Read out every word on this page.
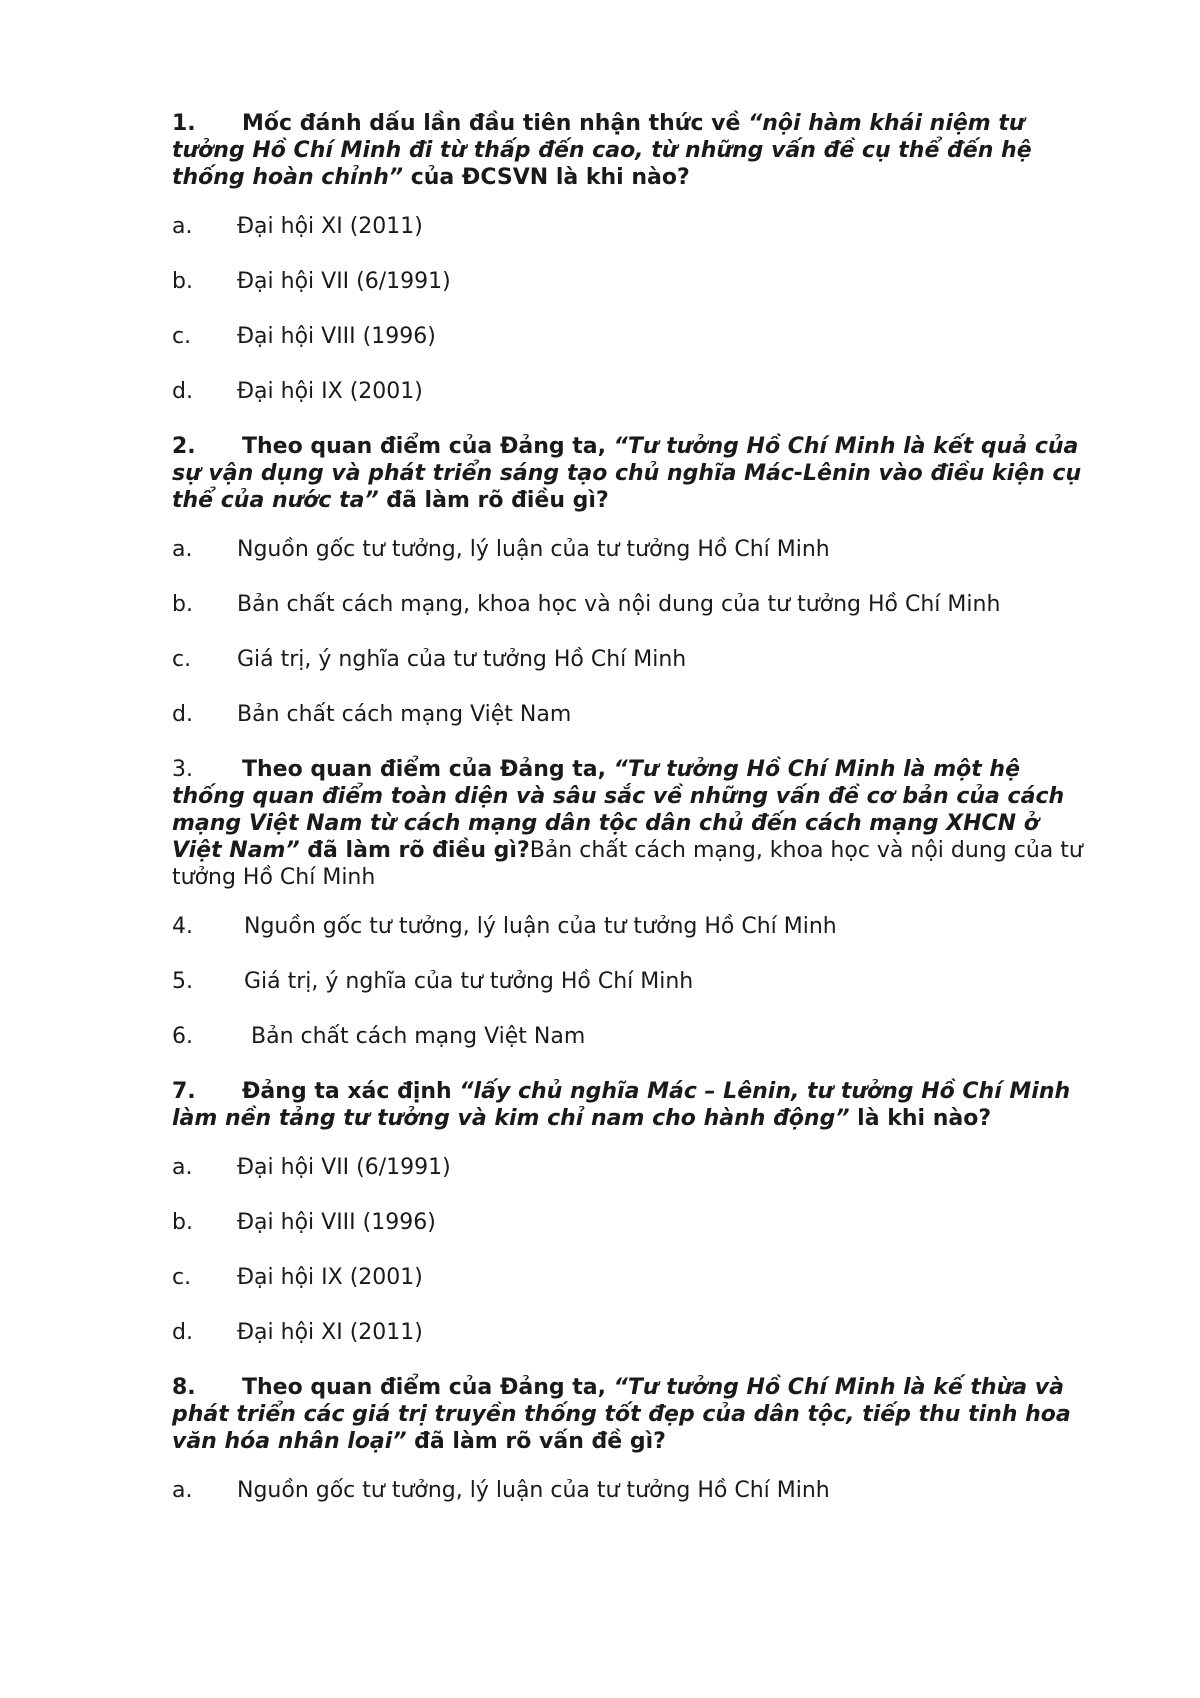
1. Mốc đánh dấu lần đầu tiên nhận thức về “nội hàm khái niệm tư tưởng Hồ Chí Minh đi từ thấp đến cao, từ những vấn đề cụ thể đến hệ thống hoàn chỉnh” của ĐCSVN là khi nào?

a. Đại hội XI (2011)
b. Đại hội VII (6/1991)
c. Đại hội VIII (1996)
d. Đại hội IX (2001)

2. Theo quan điểm của Đảng ta, “Tư tưởng Hồ Chí Minh là kết quả của sự vận dụng và phát triển sáng tạo chủ nghĩa Mác-Lênin vào điều kiện cụ thể của nước ta” đã làm rõ điều gì?

a. Nguồn gốc tư tưởng, lý luận của tư tưởng Hồ Chí Minh
b. Bản chất cách mạng, khoa học và nội dung của tư tưởng Hồ Chí Minh
c. Giá trị, ý nghĩa của tư tưởng Hồ Chí Minh
d. Bản chất cách mạng Việt Nam

3. Theo quan điểm của Đảng ta, “Tư tưởng Hồ Chí Minh là một hệ thống quan điểm toàn diện và sâu sắc về những vấn đề cơ bản của cách mạng Việt Nam từ cách mạng dân tộc dân chủ đến cách mạng XHCN ở Việt Nam” đã làm rõ điều gì?Bản chất cách mạng, khoa học và nội dung của tư tưởng Hồ Chí Minh

4. Nguồn gốc tư tưởng, lý luận của tư tưởng Hồ Chí Minh
5. Giá trị, ý nghĩa của tư tưởng Hồ Chí Minh
6. Bản chất cách mạng Việt Nam

7. Đảng ta xác định “lấy chủ nghĩa Mác – Lênin, tư tưởng Hồ Chí Minh làm nền tảng tư tưởng và kim chỉ nam cho hành động” là khi nào?

a. Đại hội VII (6/1991)
b. Đại hội VIII (1996)
c. Đại hội IX (2001)
d. Đại hội XI (2011)

8. Theo quan điểm của Đảng ta, “Tư tưởng Hồ Chí Minh là kế thừa và phát triển các giá trị truyền thống tốt đẹp của dân tộc, tiếp thu tinh hoa văn hóa nhân loại” đã làm rõ vấn đề gì?

a. Nguồn gốc tư tưởng, lý luận của tư tưởng Hồ Chí Minh
